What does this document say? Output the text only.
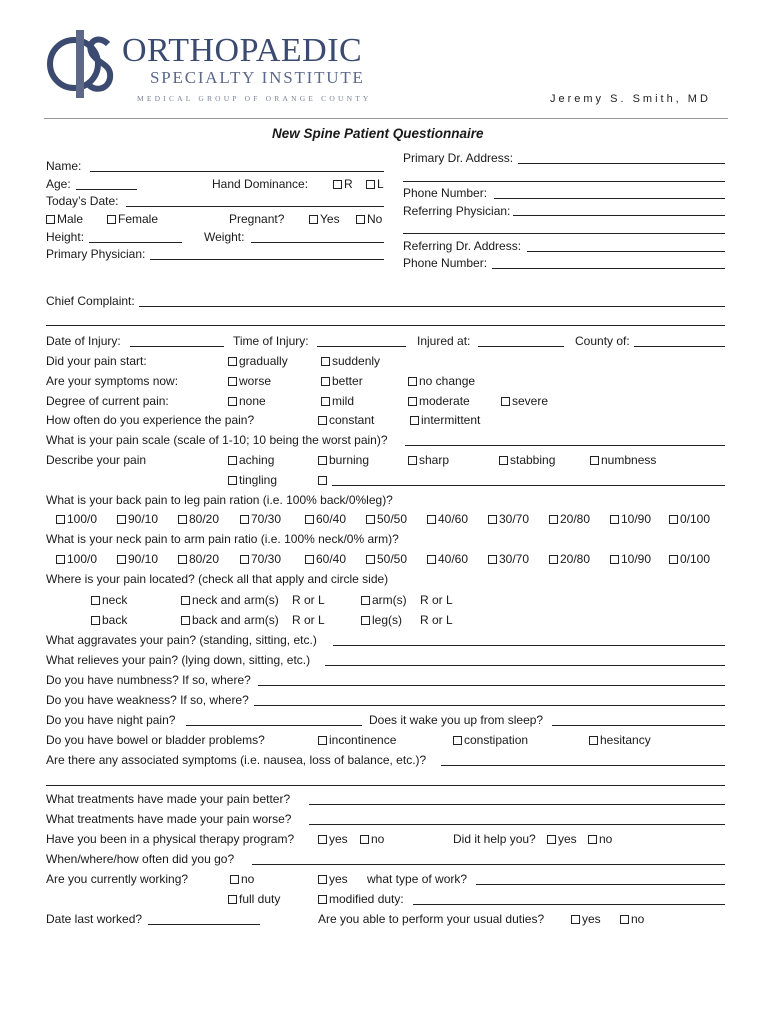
ORTHOPAEDIC
SPECIALTY INSTITUTE
MEDICAL GROUP OF ORANGE COUNTY	Jeremy S. Smith, MD
New Spine Patient Questionnaire
Name:
Age:	Hand Dominance:	R	L
Today’s Date:
Male	Female	Pregnant?	Yes	No
Height:	Weight:
Primary Physician:
Primary Dr. Address:
Phone Number:
Referring Physician:
Referring Dr. Address:
Phone Number:
Chief Complaint:
Date of Injury:	Time of Injury:	Injured at:	County of:
Did your pain start:	gradually	suddenly
Are your symptoms now:	worse	better	no change
Degree of current pain:	none	mild	moderate	severe
How often do you experience the pain?	constant	intermittent
What is your pain scale (scale of 1-10; 10 being the worst pain)?
Describe your pain	aching	burning	sharp	stabbing	numbness
tingling
What is your back pain to leg pain ration (i.e. 100% back/0%leg)?
100/0	90/10	80/20	70/30	60/40	50/50	40/60	30/70	20/80	10/90	0/100
What is your neck pain to arm pain ratio (i.e. 100% neck/0% arm)?
100/0	90/10	80/20	70/30	60/40	50/50	40/60	30/70	20/80	10/90	0/100
Where is your pain located? (check all that apply and circle side)
neck	neck and arm(s) R or L	arm(s) R or L
back	back and arm(s) R or L	leg(s) R or L
What aggravates your pain? (standing, sitting, etc.)
What relieves your pain? (lying down, sitting, etc.)
Do you have numbness? If so, where?
Do you have weakness? If so, where?
Do you have night pain?	Does it wake you up from sleep?
Do you have bowel or bladder problems?	incontinence	constipation	hesitancy
Are there any associated symptoms (i.e. nausea, loss of balance, etc.)?
What treatments have made your pain better?
What treatments have made your pain worse?
Have you been in a physical therapy program?	yes	no	Did it help you?	yes	no
When/where/how often did you go?
Are you currently working?	no	yes what type of work?
full duty	modified duty:
Date last worked?	Are you able to perform your usual duties?	yes	no
